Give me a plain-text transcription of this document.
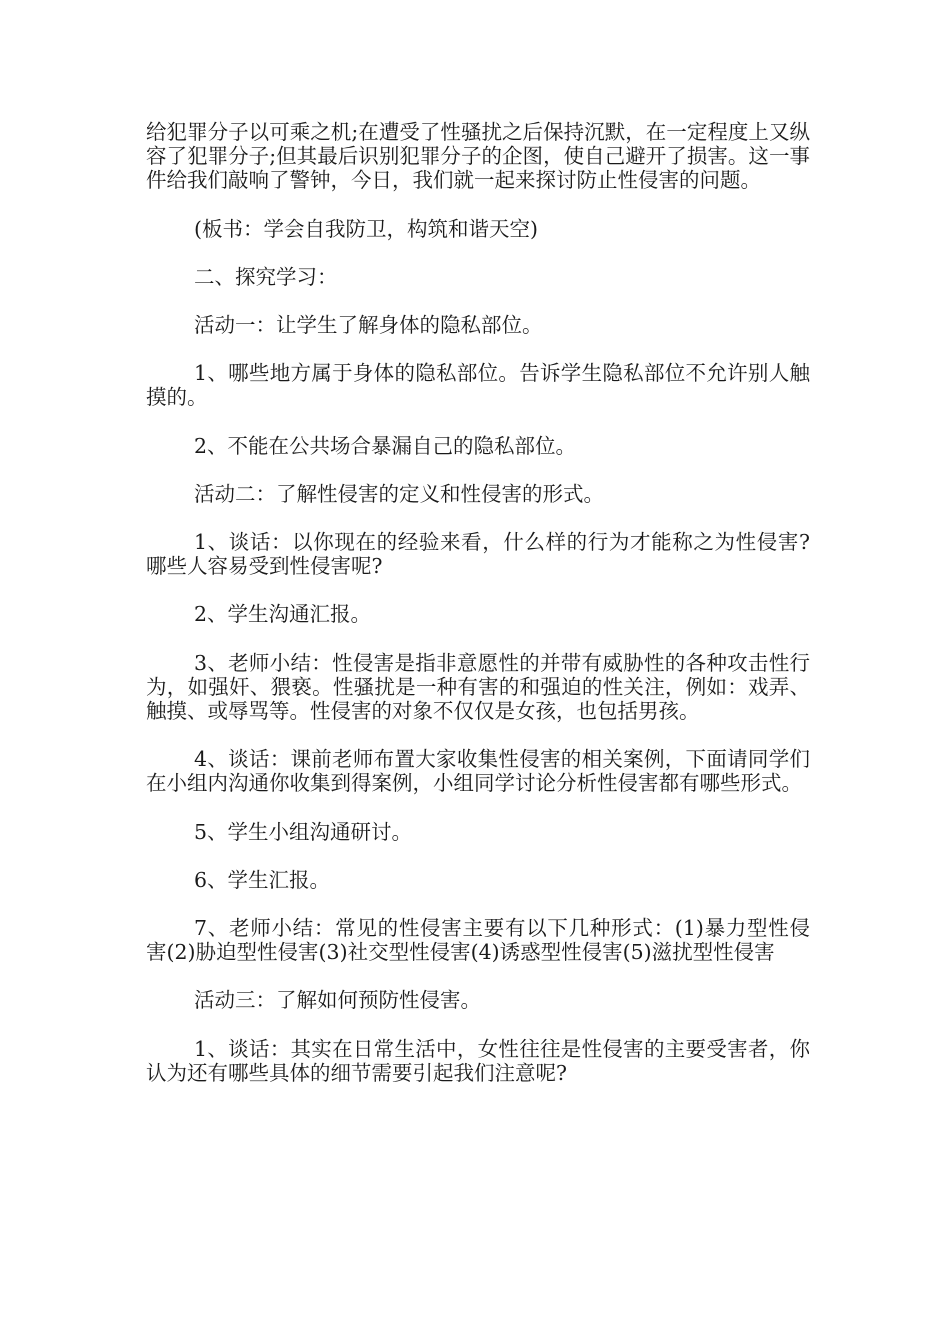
给犯罪分子以可乘之机;在遭受了性骚扰之后保持沉默，在一定程度上又纵容了犯罪分子;但其最后识别犯罪分子的企图，使自己避开了损害。这一事件给我们敲响了警钟，今日，我们就一起来探讨防止性侵害的问题。

(板书：学会自我防卫，构筑和谐天空)

二、探究学习：

活动一：让学生了解身体的隐私部位。

1、哪些地方属于身体的隐私部位。告诉学生隐私部位不允许别人触摸的。

2、不能在公共场合暴漏自己的隐私部位。

活动二：了解性侵害的定义和性侵害的形式。

1、谈话：以你现在的经验来看，什么样的行为才能称之为性侵害?哪些人容易受到性侵害呢?

2、学生沟通汇报。

3、老师小结：性侵害是指非意愿性的并带有威胁性的各种攻击性行为，如强奸、猥亵。性骚扰是一种有害的和强迫的性关注，例如：戏弄、触摸、或辱骂等。性侵害的对象不仅仅是女孩，也包括男孩。

4、谈话：课前老师布置大家收集性侵害的相关案例，下面请同学们在小组内沟通你收集到得案例，小组同学讨论分析性侵害都有哪些形式。

5、学生小组沟通研讨。

6、学生汇报。

7、老师小结：常见的性侵害主要有以下几种形式：(1)暴力型性侵害(2)胁迫型性侵害(3)社交型性侵害(4)诱惑型性侵害(5)滋扰型性侵害

活动三：了解如何预防性侵害。

1、谈话：其实在日常生活中，女性往往是性侵害的主要受害者，你认为还有哪些具体的细节需要引起我们注意呢?
